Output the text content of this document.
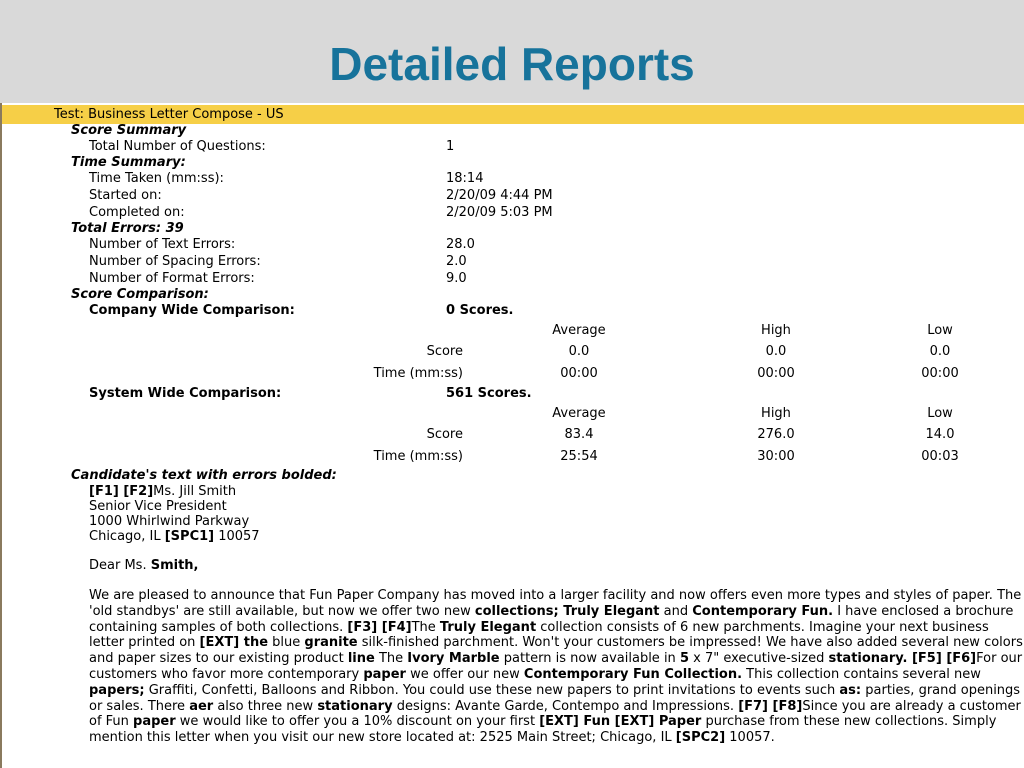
Detailed Reports
Test: Business Letter Compose - US
Score Summary
Total Number of Questions:	1
Time Summary:
Time Taken (mm:ss):	18:14
Started on:	2/20/09 4:44 PM
Completed on:	2/20/09 5:03 PM
Total Errors: 39
Number of Text Errors:	28.0
Number of Spacing Errors:	2.0
Number of Format Errors:	9.0
Score Comparison:
Company Wide Comparison:	0 Scores.
Average	High	Low
Score	0.0	0.0	0.0
Time (mm:ss)	00:00	00:00	00:00
System Wide Comparison:	561 Scores.
Average	High	Low
Score	83.4	276.0	14.0
Time (mm:ss)	25:54	30:00	00:03
Candidate's text with errors bolded:
[F1] [F2]Ms. Jill Smith
Senior Vice President
1000 Whirlwind Parkway
Chicago, IL [SPC1] 10057
Dear Ms. Smith,
We are pleased to announce that Fun Paper Company has moved into a larger facility and now offers even more types and styles of paper. The 'old standbys' are still available, but now we offer two new collections; Truly Elegant and Contemporary Fun. I have enclosed a brochure containing samples of both collections. [F3] [F4]The Truly Elegant collection consists of 6 new parchments. Imagine your next business letter printed on [EXT] the blue granite silk-finished parchment. Won't your customers be impressed! We have also added several new colors and paper sizes to our existing product line The Ivory Marble pattern is now available in 5 x 7" executive-sized stationary. [F5] [F6]For our customers who favor more contemporary paper we offer our new Contemporary Fun Collection. This collection contains several new papers; Graffiti, Confetti, Balloons and Ribbon. You could use these new papers to print invitations to events such as: parties, grand openings or sales. There aer also three new stationary designs: Avante Garde, Contempo and Impressions. [F7] [F8]Since you are already a customer of Fun paper we would like to offer you a 10% discount on your first [EXT] Fun [EXT] Paper purchase from these new collections. Simply mention this letter when you visit our new store located at: 2525 Main Street; Chicago, IL [SPC2] 10057.
